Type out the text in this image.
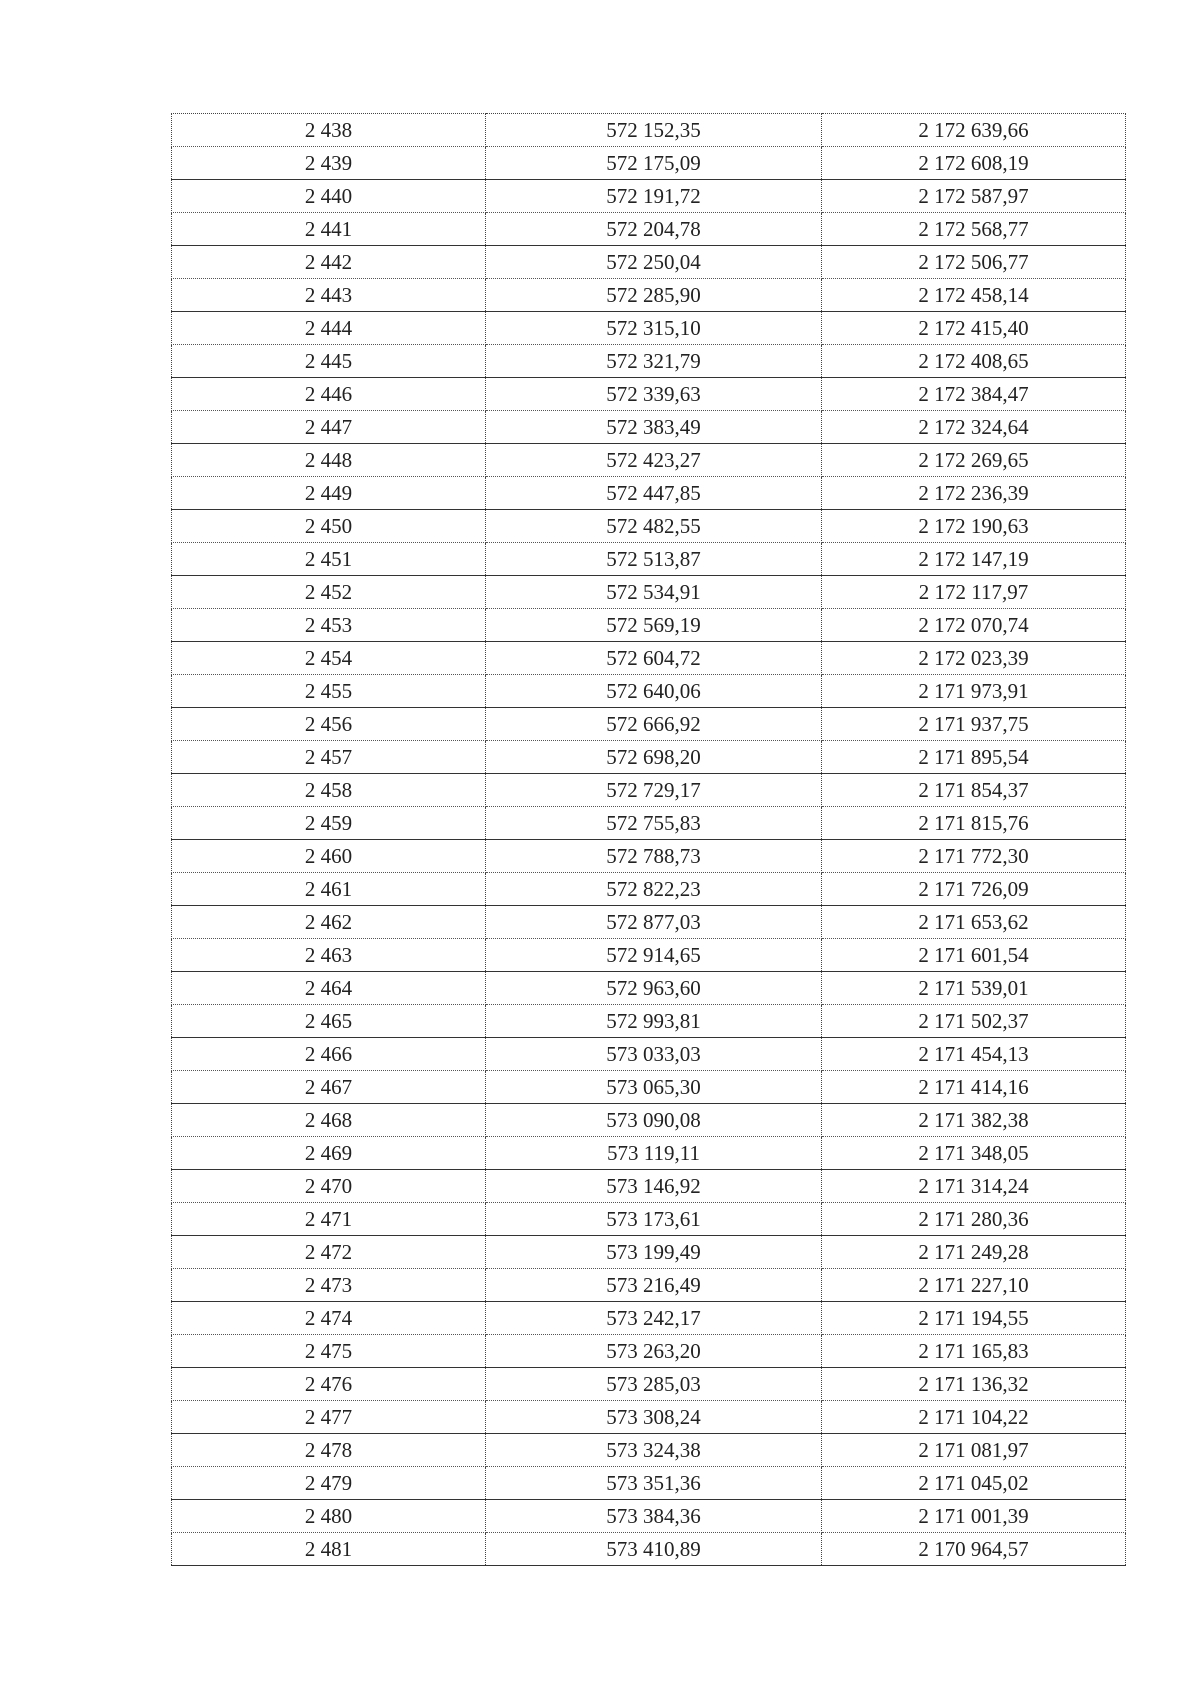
2 438	572 152,35	2 172 639,66
2 439	572 175,09	2 172 608,19
2 440	572 191,72	2 172 587,97
2 441	572 204,78	2 172 568,77
2 442	572 250,04	2 172 506,77
2 443	572 285,90	2 172 458,14
2 444	572 315,10	2 172 415,40
2 445	572 321,79	2 172 408,65
2 446	572 339,63	2 172 384,47
2 447	572 383,49	2 172 324,64
2 448	572 423,27	2 172 269,65
2 449	572 447,85	2 172 236,39
2 450	572 482,55	2 172 190,63
2 451	572 513,87	2 172 147,19
2 452	572 534,91	2 172 117,97
2 453	572 569,19	2 172 070,74
2 454	572 604,72	2 172 023,39
2 455	572 640,06	2 171 973,91
2 456	572 666,92	2 171 937,75
2 457	572 698,20	2 171 895,54
2 458	572 729,17	2 171 854,37
2 459	572 755,83	2 171 815,76
2 460	572 788,73	2 171 772,30
2 461	572 822,23	2 171 726,09
2 462	572 877,03	2 171 653,62
2 463	572 914,65	2 171 601,54
2 464	572 963,60	2 171 539,01
2 465	572 993,81	2 171 502,37
2 466	573 033,03	2 171 454,13
2 467	573 065,30	2 171 414,16
2 468	573 090,08	2 171 382,38
2 469	573 119,11	2 171 348,05
2 470	573 146,92	2 171 314,24
2 471	573 173,61	2 171 280,36
2 472	573 199,49	2 171 249,28
2 473	573 216,49	2 171 227,10
2 474	573 242,17	2 171 194,55
2 475	573 263,20	2 171 165,83
2 476	573 285,03	2 171 136,32
2 477	573 308,24	2 171 104,22
2 478	573 324,38	2 171 081,97
2 479	573 351,36	2 171 045,02
2 480	573 384,36	2 171 001,39
2 481	573 410,89	2 170 964,57
